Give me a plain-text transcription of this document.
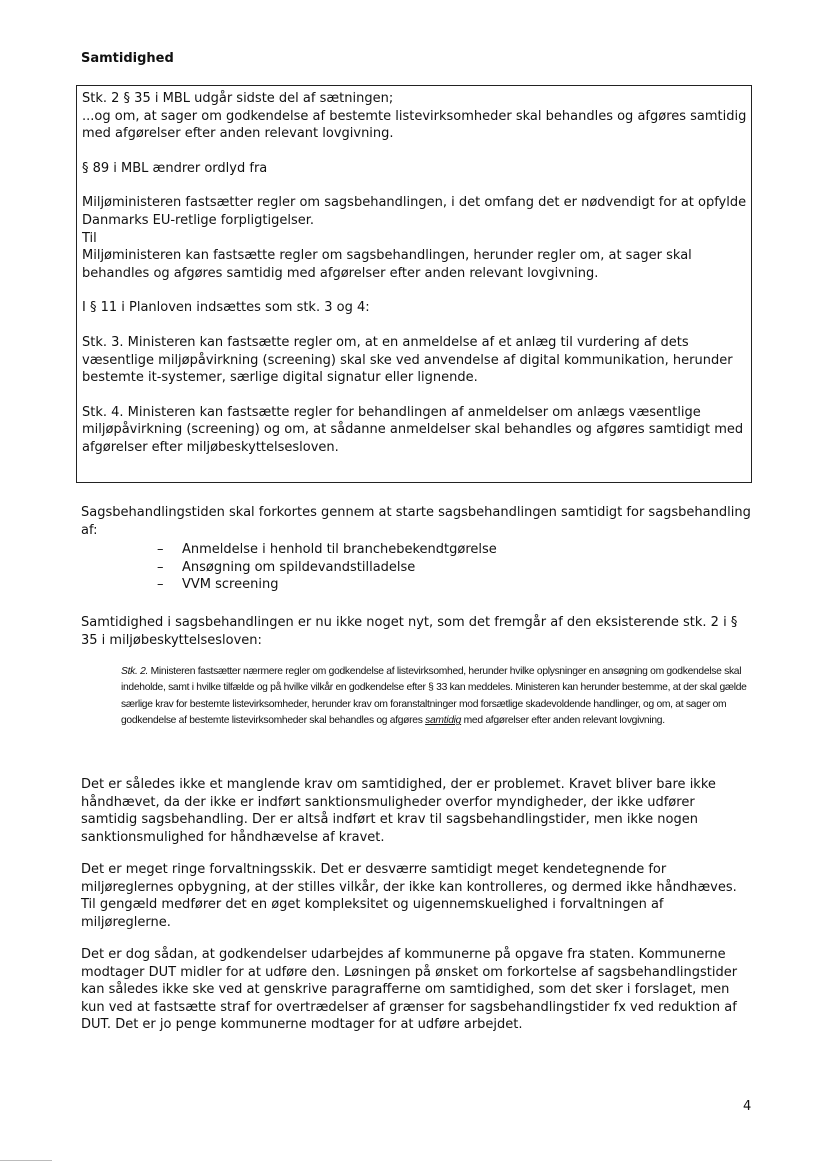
Samtidighed

Stk. 2 § 35 i MBL udgår sidste del af sætningen;

...og om, at sager om godkendelse af bestemte listevirksomheder skal behandles og afgøres samtidig med afgørelser efter anden relevant lovgivning.

§ 89 i MBL ændrer ordlyd fra

Miljøministeren fastsætter regler om sagsbehandlingen, i det omfang det er nødvendigt for at opfylde Danmarks EU-retlige forpligtigelser.

Til

Miljøministeren kan fastsætte regler om sagsbehandlingen, herunder regler om, at sager skal behandles og afgøres samtidig med afgørelser efter anden relevant lovgivning.

I § 11 i Planloven indsættes som stk. 3 og 4:

Stk. 3. Ministeren kan fastsætte regler om, at en anmeldelse af et anlæg til vurdering af dets væsentlige miljøpåvirkning (screening) skal ske ved anvendelse af digital kommunikation, herunder bestemte it-systemer, særlige digital signatur eller lignende.

Stk. 4. Ministeren kan fastsætte regler for behandlingen af anmeldelser om anlægs væsentlige miljøpåvirkning (screening) og om, at sådanne anmeldelser skal behandles og afgøres samtidigt med afgørelser efter miljøbeskyttelsesloven.

Sagsbehandlingstiden skal forkortes gennem at starte sagsbehandlingen samtidigt for sagsbehandling af:

– Anmeldelse i henhold til branchebekendtgørelse
– Ansøgning om spildevandstilladelse
– VVM screening

Samtidighed i sagsbehandlingen er nu ikke noget nyt, som det fremgår af den eksisterende stk. 2 i § 35 i miljøbeskyttelsesloven:

Stk. 2. Ministeren fastsætter nærmere regler om godkendelse af listevirksomhed, herunder hvilke oplysninger en ansøgning om godkendelse skal indeholde, samt i hvilke tilfælde og på hvilke vilkår en godkendelse efter § 33 kan meddeles. Ministeren kan herunder bestemme, at der skal gælde særlige krav for bestemte listevirksomheder, herunder krav om foranstaltninger mod forsætlige skadevoldende handlinger, og om, at sager om godkendelse af bestemte listevirksomheder skal behandles og afgøres samtidig med afgørelser efter anden relevant lovgivning.

Det er således ikke et manglende krav om samtidighed, der er problemet. Kravet bliver bare ikke håndhævet, da der ikke er indført sanktionsmuligheder overfor myndigheder, der ikke udfører samtidig sagsbehandling. Der er altså indført et krav til sagsbehandlingstider, men ikke nogen sanktionsmulighed for håndhævelse af kravet.

Det er meget ringe forvaltningsskik. Det er desværre samtidigt meget kendetegnende for miljøreglernes opbygning, at der stilles vilkår, der ikke kan kontrolleres, og dermed ikke håndhæves. Til gengæld medfører det en øget kompleksitet og uigennemskuelighed i forvaltningen af miljøreglerne.

Det er dog sådan, at godkendelser udarbejdes af kommunerne på opgave fra staten. Kommunerne modtager DUT midler for at udføre den. Løsningen på ønsket om forkortelse af sagsbehandlingstider kan således ikke ske ved at genskrive paragrafferne om samtidighed, som det sker i forslaget, men kun ved at fastsætte straf for overtrædelser af grænser for sagsbehandlingstider fx ved reduktion af DUT. Det er jo penge kommunerne modtager for at udføre arbejdet.

4
